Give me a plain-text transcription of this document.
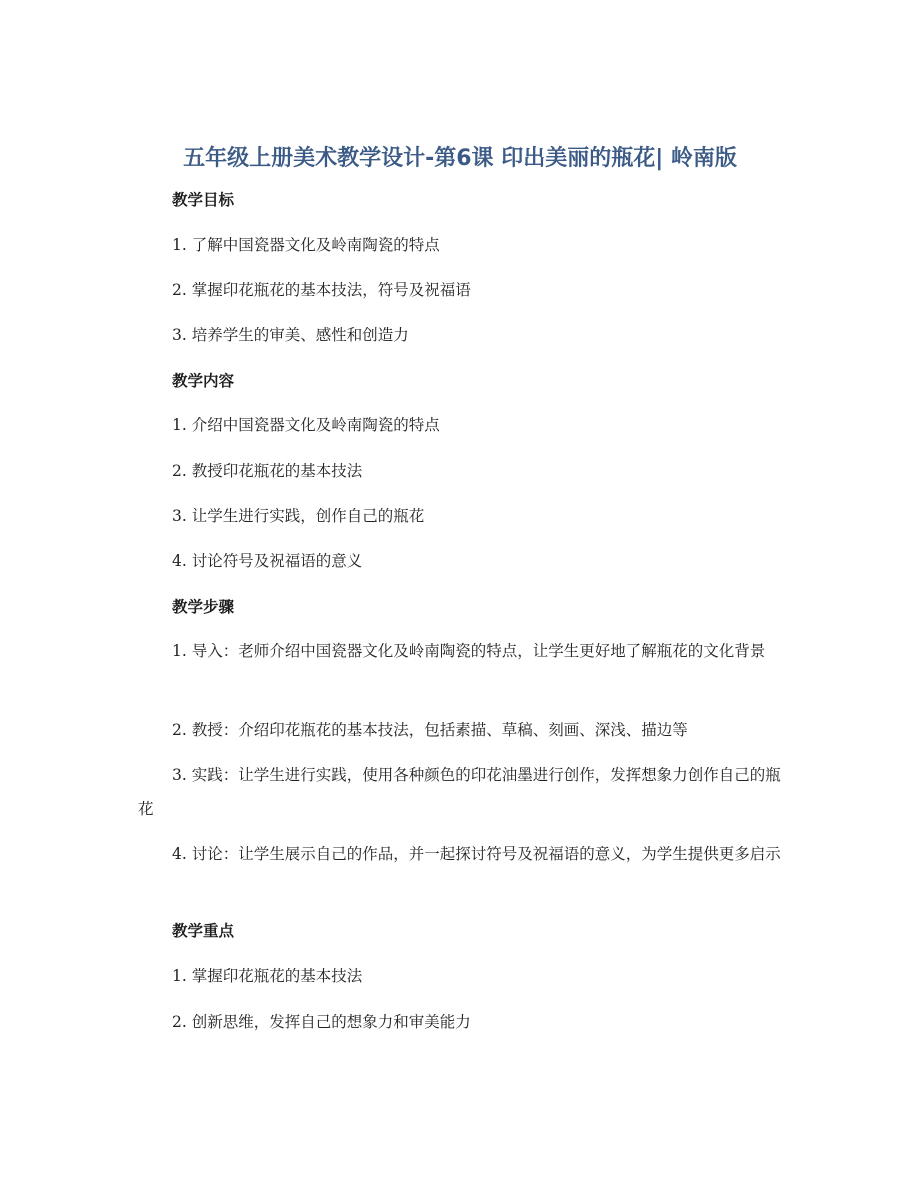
五年级上册美术教学设计-第6课 印出美丽的瓶花| 岭南版
教学目标

1. 了解中国瓷器文化及岭南陶瓷的特点

2. 掌握印花瓶花的基本技法，符号及祝福语

3. 培养学生的审美、感性和创造力

教学内容

1. 介绍中国瓷器文化及岭南陶瓷的特点

2. 教授印花瓶花的基本技法

3. 让学生进行实践，创作自己的瓶花

4. 讨论符号及祝福语的意义

教学步骤

1. 导入：老师介绍中国瓷器文化及岭南陶瓷的特点，让学生更好地了解瓶花的文化背景

2. 教授：介绍印花瓶花的基本技法，包括素描、草稿、刻画、深浅、描边等

3. 实践：让学生进行实践，使用各种颜色的印花油墨进行创作，发挥想象力创作自己的瓶花

4. 讨论：让学生展示自己的作品，并一起探讨符号及祝福语的意义，为学生提供更多启示

教学重点

1. 掌握印花瓶花的基本技法

2. 创新思维，发挥自己的想象力和审美能力
